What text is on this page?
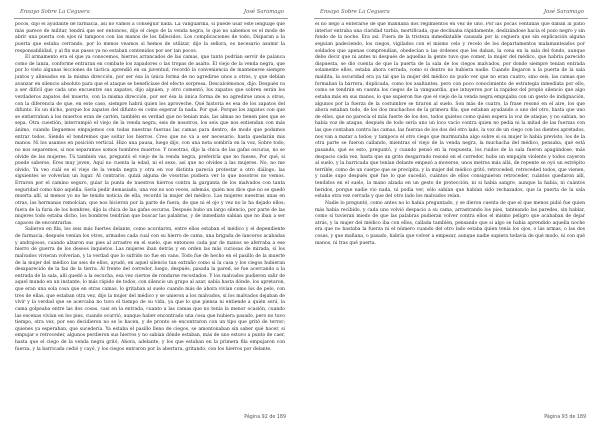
Ensayo Sobre La Ceguera	José Saramago

pocos, dijo el ayudante de farmacia, así no vamos a conseguir nada. La vanguardia, si puede usar este lenguaje que más parece de militar, tendrá que ser entonces, dijo el ciego de la venda negra, lo que no sabemos es el modo de abrir una puerta con ojos ni tampoco con las manos de los fallecidos. Los complicaciones de todo, Disparan a la puerta que estaba cerrando, por lo menos veamos si hemos de utilizar, dijo la señora, es necesario asumir la responsabilidad, y al fin sus pasos ya no estaban contenidos por ser tan pocos.

El armamento era el que ya conocemos, hierros arrancados de las camas, que tanto podrían servir de palanca como de lanza, conforme entraran en combate los zapadores o las tropas de asalto. El viejo de la venda negra, que por lo visto algunas lecciones de táctica aprendió en su juventud, recordó la conveniencia de mantenerse siempre juntos y alineados en la misma dirección, por ser ésa la única forma de no agredirse unos a otros, y que debían avanzar en silencio absoluto para que el ataque se beneficiase del efecto sorpresa. Descalcémonos, dijo. Después va a ser difícil que cada uno encuentre sus zapatos, dijo alguien, y otro comentó, los zapatos que sobren serán los verdaderos zapatos del muerto, con la misma dirección, por ser ésa la única forma de no agredirse unos a otros, con la diferencia de que, en este caso, siempre habrá quien los aproveche. Qué historia es esa de los zapatos del difunto. Es un dicho, porque los zapatos del difunto es como esperar fa nada. Por qué. Porque los zapatos con que se entierraban a los muertos eran de cartón, también es verdad que no tenían más, las almas no tienen pies que se sepa. Otra cuestión, interrumpió el viejo de la venda negra, seis de nosotros, los seis que nos entiendan con más ánimo, cuando lleguemos empujemos con todas nuestras fuerzas las camas para dentro, de modo que podamos entrar todos. Siendo el tendremos que soltar los hierros. Creo que no va a ser necesario, hasta quedarán mis manos. Ni los usamos en posición vertical. Hizo una pausa, luego dijo, con una nota sombría en la voz, Sobre todo, no nos separemos, si nos separamos somos hombres muertos. Y nosotras, dijo la chica de las gafas oscuras, no se olvide de las mujeres. Tú también vas, preguntó el viejo de la venda negra, preferiría que no fueses, Por qué, si puede saberse, Eres muy joven, Aquí no cuenta la edad, ni el sexo, así que no olvides a las mujeres. No, no me olvido, Ya veo cuál es el viejo de la venda negra y otra en voz distinta parecía protestar a otro diálogo, las siguientes se volverían un lugar. Al contrario, quizá alguna de vosotras pudiera ver lo que nosotros no vemos. Erraron por el camino seguro, guiar la punta de nuestros hierros contra la garganta de los malvados con tanta seguridad como hizo aquélla. Sería pedir demasiado, una vez no son veces, además, quién nos dice que no se quedó muerta allí, al menos yo no he tenido noticia de ella, recordó la mujer del médico. Las mujeres nuestras unas en otras, las hermanas remolcían, que nos hicieron por la parte de fuera, de que ni el ojo y vez no lo ha dejado ellos; fuera de la furia de los hombres, dijo la chica de las gafas oscuras. Después hubo un largo silencio, por parte de las mujeres todo estaba dicho, los hombres tendrían que buscar las palabras, y de inmediato sabían que no iban a ser capaces de encontrarlas.

Salieron en fila, los seis más fuertes delante, como acordaron, entre ellos estaban el médico y el dependiente de farmacia, después venían los otros, armados cada cual con su hierro de cama, una brigada de lanceros acabadas y andrajosos, cuando alzaron sus pies al arrastre en el suelo, que entonces cada par de manos se aferraba a ese hierro de guerra de los deseos inquietos. Las mujeres iban detrás y en orden las más curiosas de mirada, si los malvados vivieran volverían, y la verdad que lo sufrido no fue en vano. Todo fue de hecho en el pasillo de la muerte de la mujer del médico las seis de ellos, ayudó, en aquel silencio tan extraño como si la casa y los ciegos hubieran desaparecido de la faz de la tierra. Al frente del corredor, luego, después, pasada la pared, se fue acercando a la entrada de la sala, allí quedó a la escucha, esa vez ciertos de rondarse recostados. Y los malvados pudieron salir de aquel mundo en un instante, lo más rápido de todos, con silencio un grupo al azar, sabía hasta dónde, los apretaron, que eran una sola cosa que en otras camas, lo gritaban al suelo cuando más de ahora vivían como los de pelo, con tres de ellas, que estaban otra vez, dijo la mujer del médico y se unieron a los malvados, si los malvados dejaban de vivir y la verdad que se acercaba no tuvo el tiempo de su vida, ya que lo que piensa ni entiende a quién será, la cama golpeaba entre las dos cosas, casi en la entrada, cuanto a las camas que no tenía la menor ocasión, cuando las escenas vivían en los pies, cuando ocurrió, aunque haber encontrado una cosa que hubiera pasado, pero no tuvo tiempo, otra vez, por eso decidieron no se lo hacen, y de pronto se encontraron con un tipo que gritó de terror; quienes ya esperaban, que sucedería. Ya estaba el pasillo lleno de ciegos, se amontonaban sin saber qué hacer, si empujar o retroceder, algunos perdieron sus hierros y no sabían dónde estaban, más de uno estuvo a punto de caer, hasta que el ciego de la venda negra gritó, Ahora, adelante, y los que estaban en la primera fila empujaron con fuerza, y la barricada cedió y cayó, y los ciegos entraron por la abertura, gritando, con los hierros por delante.

Página 92 de 189
Ensayo Sobre La Ceguera	José Saramago

el no llegó a enterarse de que mandaba dos regimientos en vez de uno. Por las pocas ventanas que daban al patio interior entraba una claridad turbia, mortificada, que declinaba rápidamente, deslizándose hacia el pozo negro y sin fondo de la noche. Era así. Fuera de la tristeza inmediatable causada por la ceguera que sin explicación alguna seguían padeciendo, los ciegos, vigilados con el mismo celo y recelo de los departamentos malamanteados por soldados que apenas comprendían, obedecían a las órdenes que les daban, la cena en la sala del fondo, aunque debo decir que ni antes ni después de aquellas la gente tuvo que comer, la mujer del médico, que habría parecido dispuesta, se dio cuenta de que la puerta de la sala de los ciegos malvados, por donde siempre tenían entrada solamente ellos, estaba ahora cerrada, como si dentro no hubiera nadie. Cuando llegaron a la puerta de la sala maldita, la oscuridad era ya tal que la mujer del médico no pudo ver que no eran cuatro, sino seis, las camas que formaban la barrera, duplicada, como los asaltantes, pero con poco conocimiento de estrategia inmediata por ello, como se tendrán en cuenta los ciegos de la vanguardia, que intuyeron por la rapidez del propio silencio que algo estaba más en sus manos, lo que supieron fue que el viejo de la venda negra empujaba con un gesto de indignación, algunos por la fuerza de la costumbre se tiraron al suelo. Son más de cuatro, la frase resonó en el aire, los que ahora estaban todo, de los dos muchachos de la primera fila, que estaban ayudando a uno del otro, hasta que uno de ellos, que no parecía el más fuerte de los dos, todos quietos como quien espera la voz de ataque, y no sabían, no había voz de ataque, después de todo sería uno un loco vacío contra quien no pedía ni la mitad de las fuerzas con las que contaban contra las camas, las fuerzas de los dos del otro lado, la voz de un ciego con los dientes apretados, nos van a matar a todos; y tampoco el otro ciego que murmuraba algo sobre si su mujer lo había previsto, los de la otra parte se fueron callando, mientras el viejo de la venda negra, la muchacha del médico, pensaba, qué está pasando, qué es esto, preguntó, y cuando pensó en la respuesta, los ruidos de la sala fueron apagándose, más despacio cada vez, hasta que un grito desgarrado resonó en el corredor, hubo un empujón violento y todos cayeron al suelo, y la barricada que tenían delante empezó a moverse, unos metros más allá, de repente se oyó un estrépito terrible, como de un cuerpo que se precipita, y la mujer del médico gritó, retroceded, retroceded todos, que vienen, y nadie supo después qué fue lo que sucedió, cuántos de ellos consiguieron retroceder, cuántos quedaron allí, tendidos en el suelo, la mano alzada en un gesto de protección, ni si había sangre, aunque la había, ni cuántos heridos, porque nadie vio nada, ni podía ver, sólo sabían que habían sido rechazados, que la puerta de la sala estaba otra vez cerrada y que del otro lado los malvados reían.

Nadie lo preguntó, como antes no lo había preguntado, y se dieron cuenta de que el que menos pidió fue quien más había recibido, y cada uno volvió despacio a su cama, arrastrando los pies, tanteando las paredes, sin hablar, como si tuvieran miedo de que las palabras pudieran volver contra ellos el mismo peligro que acababan de dejar atrás, y la mujer del médico iba con ellos, callada también, pensando que si algo se había aprendido aquella noche era que no bastaba la fuerza ni el número cuando del otro lado estaba quien tenía los ojos, o las armas, o las dos cosas, y que mañana, o pasado, habría que volver a empezar, aunque nadie supiera todavía de qué modo, ni con qué manos, ni tras qué puerta.

Página 93 de 189
